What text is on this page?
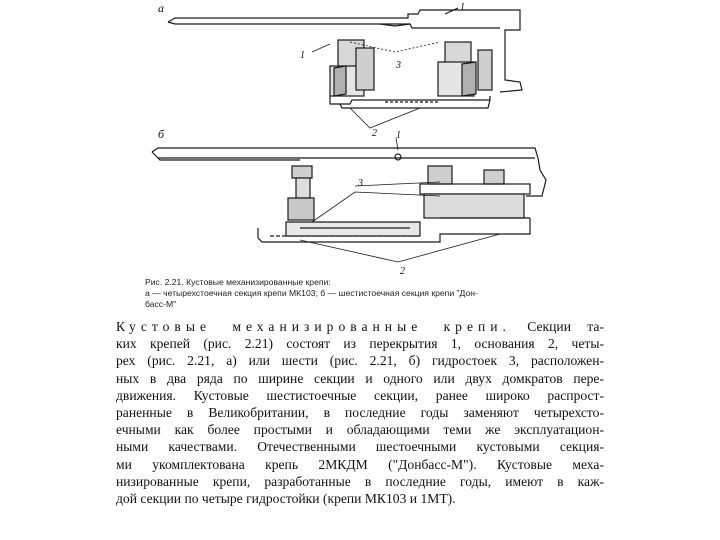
а
б
1
1
3
2 1
3
2
Рис. 2.21. Кустовые механизированные крепи:
а — четырехстоечная секция крепи МК103; б — шестистоечная секция крепи "Дон-
басс-М"
Кустовые механизированные крепи. Секции та-
ких крепей (рис. 2.21) состоят из перекрытия 1, основания 2, четы-
рех (рис. 2.21, а) или шести (рис. 2.21, б) гидростоек 3, расположен-
ных в два ряда по ширине секции и одного или двух домкратов пере-
движения. Кустовые шестистоечные секции, ранее широко распрост-
раненные в Великобритании, в последние годы заменяют четырехсто-
ечными как более простыми и обладающими теми же эксплуатацион-
ными качествами. Отечественными шестоечными кустовыми секция-
ми укомплектована крепь 2МКДМ ("Донбасс-М"). Кустовые меха-
низированные крепи, разработанные в последние годы, имеют в каж-
дой секции по четыре гидростойки (крепи МК103 и 1МТ).
